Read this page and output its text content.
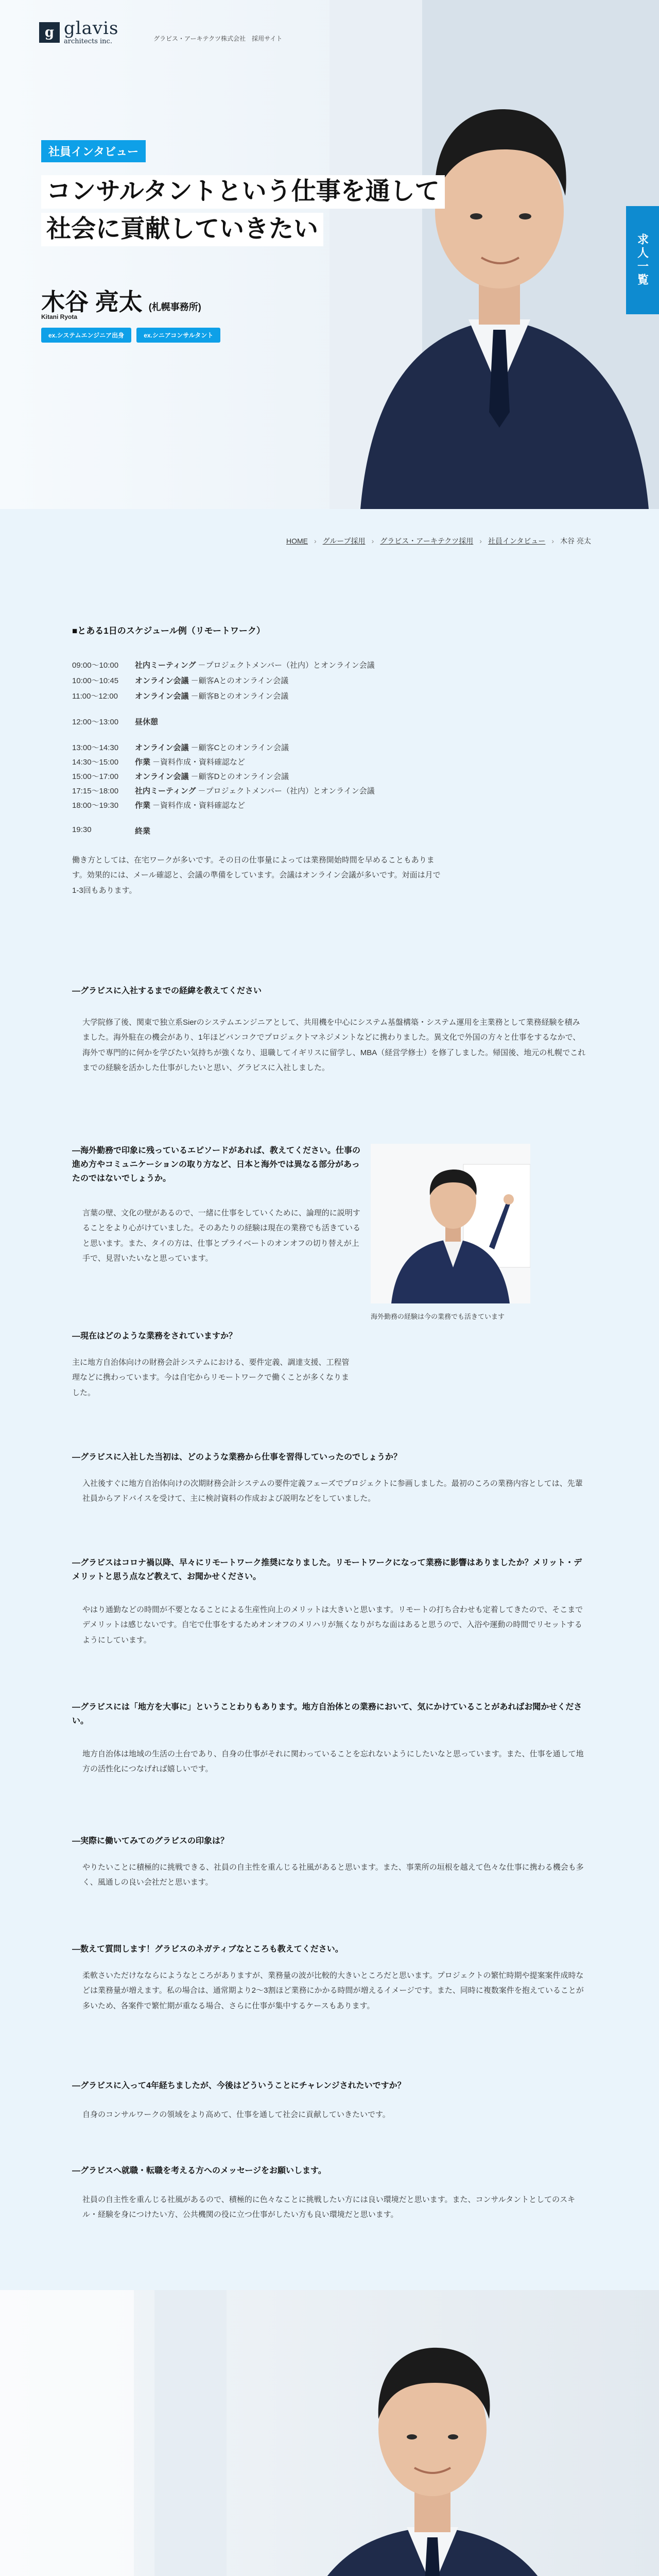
g glavis
architects inc.	グラビス・アーキテクツ株式会社　採用サイト
社員インタビュー
コンサルタントという仕事を通して
社会に貢献していきたい
木谷 亮太 (札幌事務所)
Kitani Ryota
ex.システムエンジニア出身	ex.シニアコンサルタント
求人一覧
HOME › グループ採用 › グラビス・アーキテクツ採用 › 社員インタビュー › 木谷 亮太
■とある1日のスケジュール例（リモートワーク）
09:00〜10:00	社内ミーティング －プロジェクトメンバー（社内）とオンライン会議
10:00〜10:45	オンライン会議 －顧客Aとのオンライン会議
11:00〜12:00	オンライン会議 －顧客Bとのオンライン会議
12:00〜13:00	昼休憩
13:00〜14:30	オンライン会議 －顧客Cとのオンライン会議
14:30〜15:00	作業 －資料作成・資料確認など
15:00〜17:00	オンライン会議 －顧客Dとのオンライン会議
17:15〜18:00	社内ミーティング －プロジェクトメンバー（社内）とオンライン会議
18:00〜19:30	作業 －資料作成・資料確認など
19:30	終業
働き方としては、在宅ワークが多いです。その日の仕事量によっては業務開始時間を早めることもあります。効果的には、メール確認と、会議の準備をしています。会議はオンライン会議が多いです。対面は月で1-3回もあります。
―グラビスに入社するまでの経緯を教えてください
大学院修了後、関東で独立系Sierのシステムエンジニアとして、共用機を中心にシステム基盤構築・システム運用を主業務として業務経験を積みました。海外駐在の機会があり、1年ほどバンコクでプロジェクトマネジメントなどに携わりました。異文化で外国の方々と仕事をするなかで、海外で専門的に何かを学びたい気持ちが強くなり、退職してイギリスに留学し、MBA（経営学修士）を修了しました。帰国後、地元の札幌でこれまでの経験を活かした仕事がしたいと思い、グラビスに入社しました。
―海外勤務で印象に残っているエピソードがあれば、教えてください。仕事の進め方やコミュニケーションの取り方など、日本と海外では異なる部分があったのではないでしょうか。
言葉の壁、文化の壁があるので、一緒に仕事をしていくために、論理的に説明することをより心がけていました。そのあたりの経験は現在の業務でも活きていると思います。また、タイの方は、仕事とプライベートのオンオフの切り替えが上手で、見習いたいなと思っています。
海外勤務の経験は今の業務でも活きています
―現在はどのような業務をされていますか？
主に地方自治体向けの財務会計システムにおける、要件定義、調達支援、工程管理などに携わっています。今は自宅からリモートワークで働くことが多くなりました。
―グラビスに入社した当初は、どのような業務から仕事を習得していったのでしょうか？
入社後すぐに地方自治体向けの次期財務会計システムの要件定義フェーズでプロジェクトに参画しました。最初のころの業務内容としては、先輩社員からアドバイスを受けて、主に検討資料の作成および説明などをしていました。
―グラビスはコロナ禍以降、早々にリモートワーク推奨になりました。リモートワークになって業務に影響はありましたか？メリット・デメリットと思う点など教えて、お聞かせください。
やはり通勤などの時間が不要となることによる生産性向上のメリットは大きいと思います。リモートの打ち合わせも定着してきたので、そこまでデメリットは感じないです。自宅で仕事をするためオンオフのメリハリが無くなりがちな面はあると思うので、入浴や運動の時間でリセットするようにしています。
―グラビスには「地方を大事に」ということわりもあります。地方自治体との業務において、気にかけていることがあればお聞かせください。
地方自治体は地域の生活の土台であり、自身の仕事がそれに関わっていることを忘れないようにしたいなと思っています。また、仕事を通して地方の活性化につなげれば嬉しいです。
―実際に働いてみてのグラビスの印象は？
やりたいことに積極的に挑戦できる、社員の自主性を重んじる社風があると思います。また、事業所の垣根を越えて色々な仕事に携わる機会も多く、風通しの良い会社だと思います。
―数えて質問します！グラビスのネガティブなところも教えてください。
柔軟さいただけなならにようなところがありますが、業務量の波が比較的大きいところだと思います。プロジェクトの繁忙時期や提案案件成時などは業務量が増えます。私の場合は、通常期より2〜3割ほど業務にかかる時間が増えるイメージです。また、同時に複数案件を抱えていることが多いため、各案件で繁忙期が重なる場合、さらに仕事が集中するケースもあります。
―グラビスに入って4年経ちましたが、今後はどういうことにチャレンジされたいですか？
自身のコンサルワークの領域をより高めて、仕事を通して社会に貢献していきたいです。
―グラビスへ就職・転職を考える方へのメッセージをお願いします。
社員の自主性を重んじる社風があるので、積極的に色々なことに挑戦したい方には良い環境だと思います。また、コンサルタントとしてのスキル・経験を身につけたい方、公共機関の役に立つ仕事がしたい方も良い環境だと思います。
